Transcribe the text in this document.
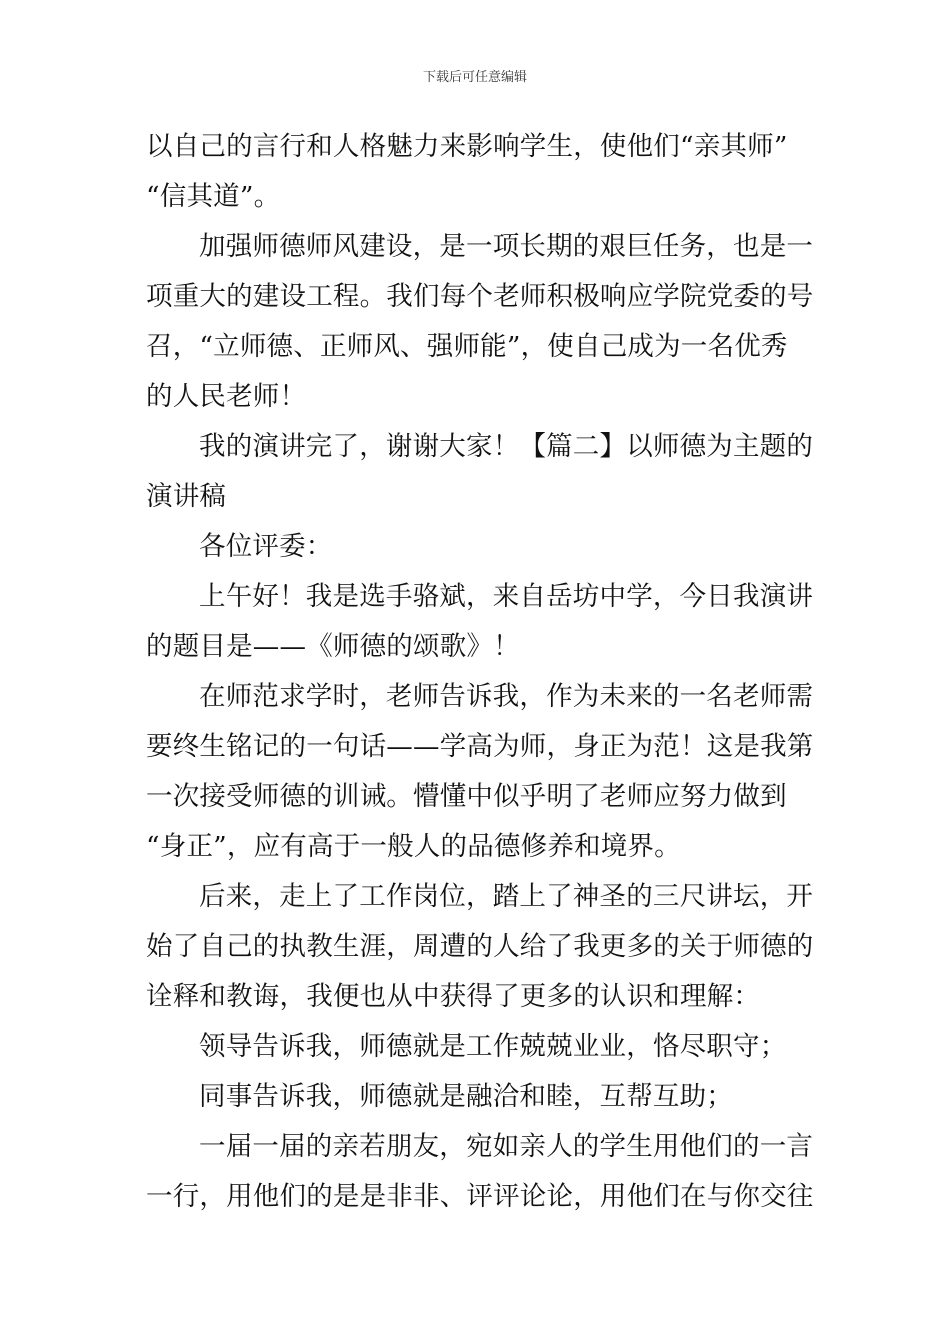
下载后可任意编辑
以自己的言行和人格魅力来影响学生，使他们“亲其师”
“信其道”。
加强师德师风建设，是一项长期的艰巨任务，也是一
项重大的建设工程。我们每个老师积极响应学院党委的号
召，“立师德、正师风、强师能”，使自己成为一名优秀
的人民老师！
我的演讲完了，谢谢大家！【篇二】以师德为主题的
演讲稿
各位评委：
上午好！我是选手骆斌，来自岳坊中学，今日我演讲
的题目是——《师德的颂歌》！
在师范求学时，老师告诉我，作为未来的一名老师需
要终生铭记的一句话——学高为师，身正为范！这是我第
一次接受师德的训诫。懵懂中似乎明了老师应努力做到
“身正”，应有高于一般人的品德修养和境界。
后来，走上了工作岗位，踏上了神圣的三尺讲坛，开
始了自己的执教生涯，周遭的人给了我更多的关于师德的
诠释和教诲，我便也从中获得了更多的认识和理解：
领导告诉我，师德就是工作兢兢业业，恪尽职守；
同事告诉我，师德就是融洽和睦，互帮互助；
一届一届的亲若朋友，宛如亲人的学生用他们的一言
一行，用他们的是是非非、评评论论，用他们在与你交往
